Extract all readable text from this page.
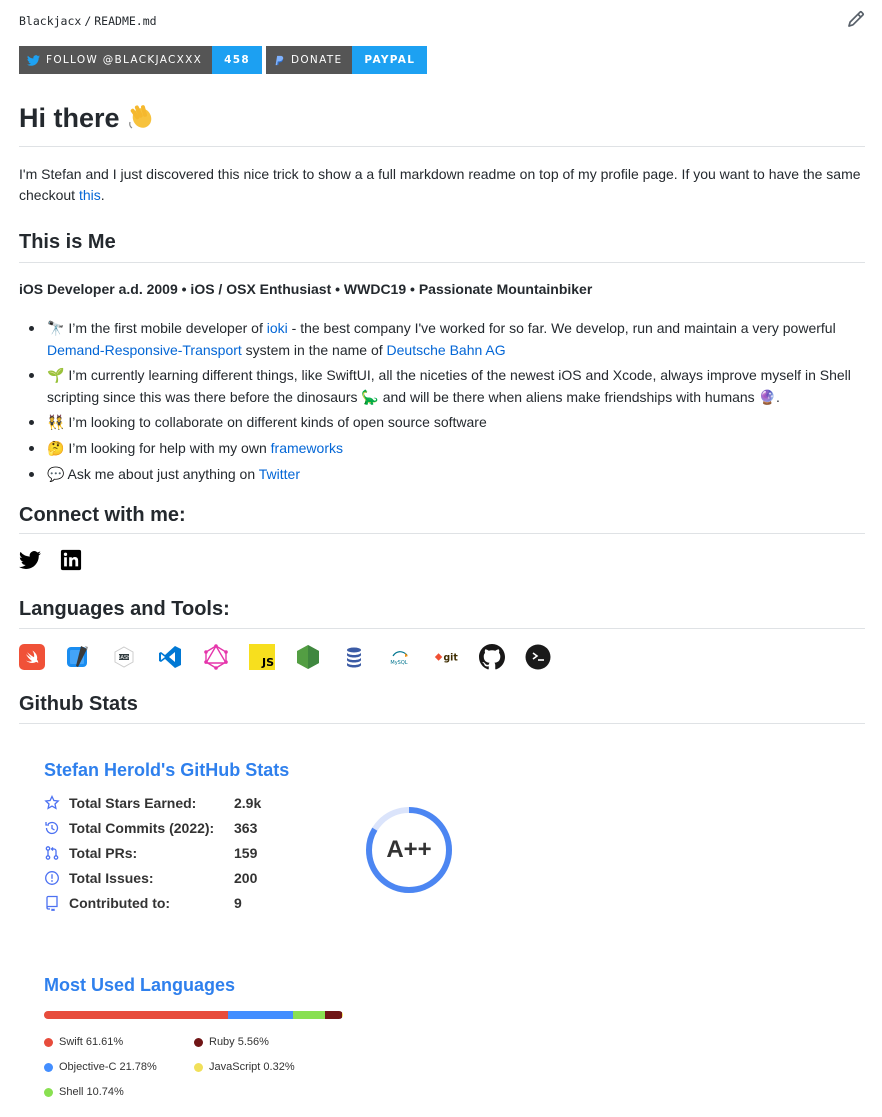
Blackjacx / README.md
FOLLOW @BLACKJACXXX	458	DONATE	PAYPAL
Hi there

I'm Stefan and I just discovered this nice trick to show a a full markdown readme on top of my profile page. If you want to have the same checkout this.

This is Me
iOS Developer a.d. 2009 • iOS / OSX Enthusiast • WWDC19 • Passionate Mountainbiker
🔭 I’m the first mobile developer of ioki - the best company I've worked for so far. We develop, run and maintain a very powerful Demand-Responsive-Transport system in the name of Deutsche Bahn AG
🌱 I’m currently learning different things, like SwiftUI, all the niceties of the newest iOS and Xcode, always improve myself in Shell scripting since this was there before the dinosaurs 🦕 and will be there when aliens make friendships with humans 🔮.
👯 I’m looking to collaborate on different kinds of open source software
🤔 I’m looking for help with my own frameworks
💬 Ask me about just anything on Twitter
Connect with me:
Languages and Tools:
BASH	JS	MySQL	git
Github Stats
Stefan Herold's GitHub Stats
Total Stars Earned:	2.9k
Total Commits (2022): 363
Total PRs:	159
Total Issues:	200
Contributed to:	9
A++
Most Used Languages
Swift 61.61%
Objective-C 21.78%
Shell 10.74%
Ruby 5.56%
JavaScript 0.32%
